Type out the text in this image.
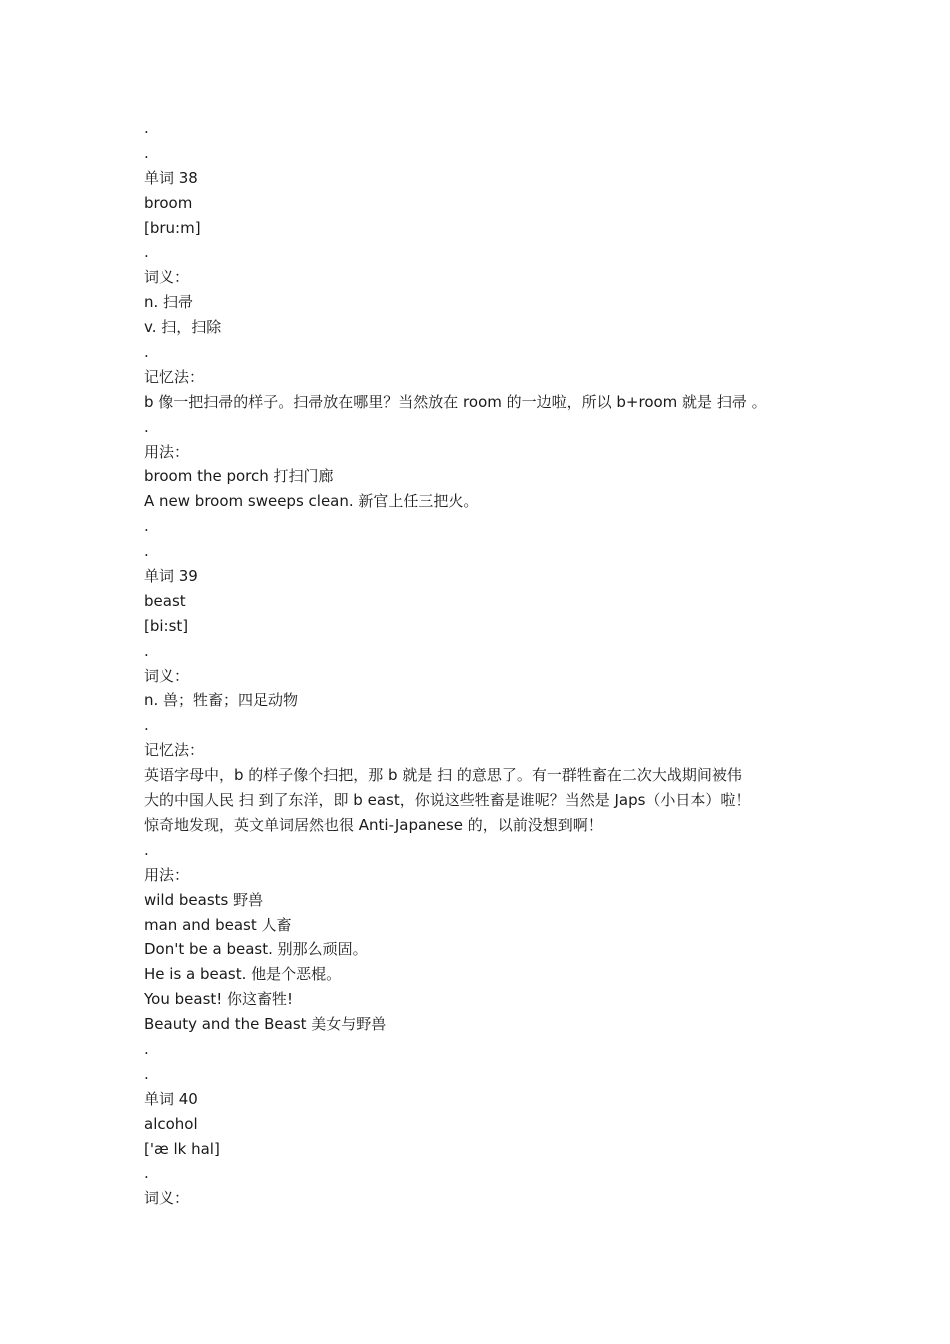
.
.
单词 38
broom
[bru:m]
.
词义：
n. 扫帚
v. 扫，扫除
.
记忆法：
b 像一把扫帚的样子。扫帚放在哪里？当然放在 room 的一边啦，所以 b+room 就是 扫帚 。
.
用法：
broom the porch 打扫门廊
A new broom sweeps clean. 新官上任三把火。
.
.
单词 39
beast
[bi:st]
.
词义：
n. 兽；牲畜；四足动物
.
记忆法：
英语字母中，b 的样子像个扫把，那 b 就是 扫 的意思了。有一群牲畜在二次大战期间被伟
大的中国人民 扫 到了东洋，即 b east，你说这些牲畜是谁呢？当然是 Japs（小日本）啦！
惊奇地发现，英文单词居然也很 Anti-Japanese 的，以前没想到啊！
.
用法：
wild beasts 野兽
man and beast 人畜
Don't be a beast. 别那么顽固。
He is a beast. 他是个恶棍。
You beast! 你这畜牲!
Beauty and the Beast 美女与野兽
.
.
单词 40
alcohol
['æ lk hal]
.
词义：
